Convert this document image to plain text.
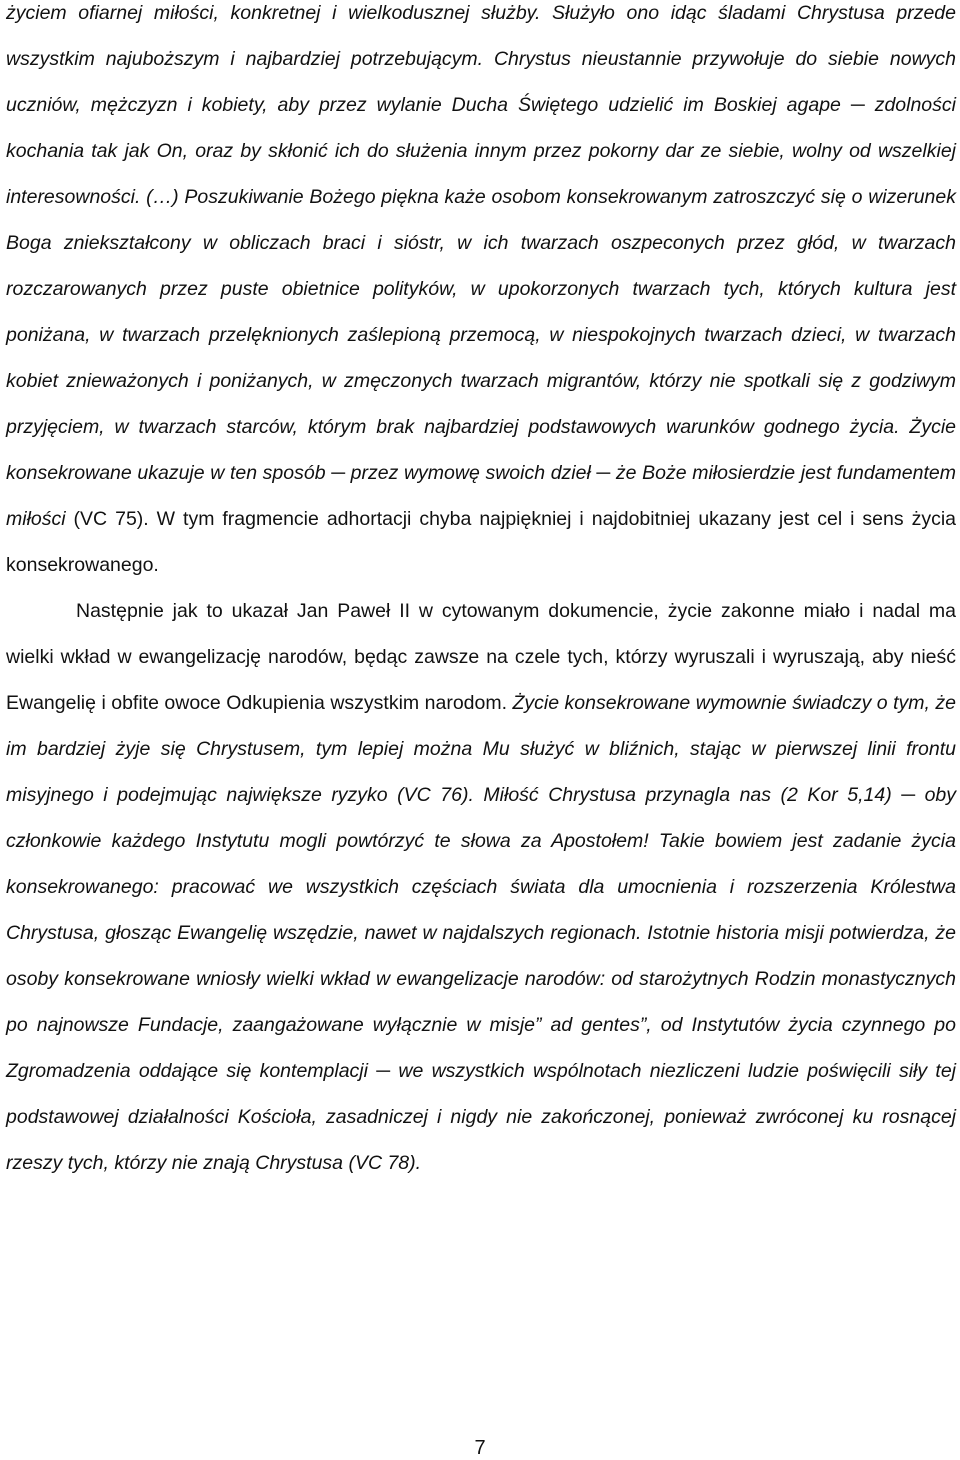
życiem ofiarnej miłości, konkretnej i wielkodusznej służby. Służyło ono idąc śladami Chrystusa przede wszystkim najuboższym i najbardziej potrzebującym. Chrystus nieustannie przywołuje do siebie nowych uczniów, mężczyzn i kobiety, aby przez wylanie Ducha Świętego udzielić im Boskiej agape ─ zdolności kochania tak jak On, oraz by skłonić ich do służenia innym przez pokorny dar ze siebie, wolny od wszelkiej interesowności. (…) Poszukiwanie Bożego piękna każe osobom konsekrowanym zatroszczyć się o wizerunek Boga zniekształcony w obliczach braci i sióstr, w ich twarzach oszpeconych przez głód, w twarzach rozczarowanych przez puste obietnice polityków, w upokorzonych twarzach tych, których kultura jest poniżana, w twarzach przelęknionych zaślepioną przemocą, w niespokojnych twarzach dzieci, w twarzach kobiet znieważonych i poniżanych, w zmęczonych twarzach migrantów, którzy nie spotkali się z godziwym przyjęciem, w twarzach starców, którym brak najbardziej podstawowych warunków godnego życia. Życie konsekrowane ukazuje w ten sposób ─ przez wymowę swoich dzieł ─ że Boże miłosierdzie jest fundamentem miłości (VC 75). W tym fragmencie adhortacji chyba najpiękniej i najdobitniej ukazany jest cel i sens życia konsekrowanego.

Następnie jak to ukazał Jan Paweł II w cytowanym dokumencie, życie zakonne miało i nadal ma wielki wkład w ewangelizację narodów, będąc zawsze na czele tych, którzy wyruszali i wyruszają, aby nieść Ewangelię i obfite owoce Odkupienia wszystkim narodom. Życie konsekrowane wymownie świadczy o tym, że im bardziej żyje się Chrystusem, tym lepiej można Mu służyć w bliźnich, stając w pierwszej linii frontu misyjnego i podejmując największe ryzyko (VC 76). Miłość Chrystusa przynagla nas (2 Kor 5,14) ─ oby członkowie każdego Instytutu mogli powtórzyć te słowa za Apostołem! Takie bowiem jest zadanie życia konsekrowanego: pracować we wszystkich częściach świata dla umocnienia i rozszerzenia Królestwa Chrystusa, głosząc Ewangelię wszędzie, nawet w najdalszych regionach. Istotnie historia misji potwierdza, że osoby konsekrowane wniosły wielki wkład w ewangelizacje narodów: od starożytnych Rodzin monastycznych po najnowsze Fundacje, zaangażowane wyłącznie w misje” ad gentes”, od Instytutów życia czynnego po Zgromadzenia oddające się kontemplacji ─ we wszystkich wspólnotach niezliczeni ludzie poświęcili siły tej podstawowej działalności Kościoła, zasadniczej i nigdy nie zakończonej, ponieważ zwróconej ku rosnącej rzeszy tych, którzy nie znają Chrystusa (VC 78).

7
